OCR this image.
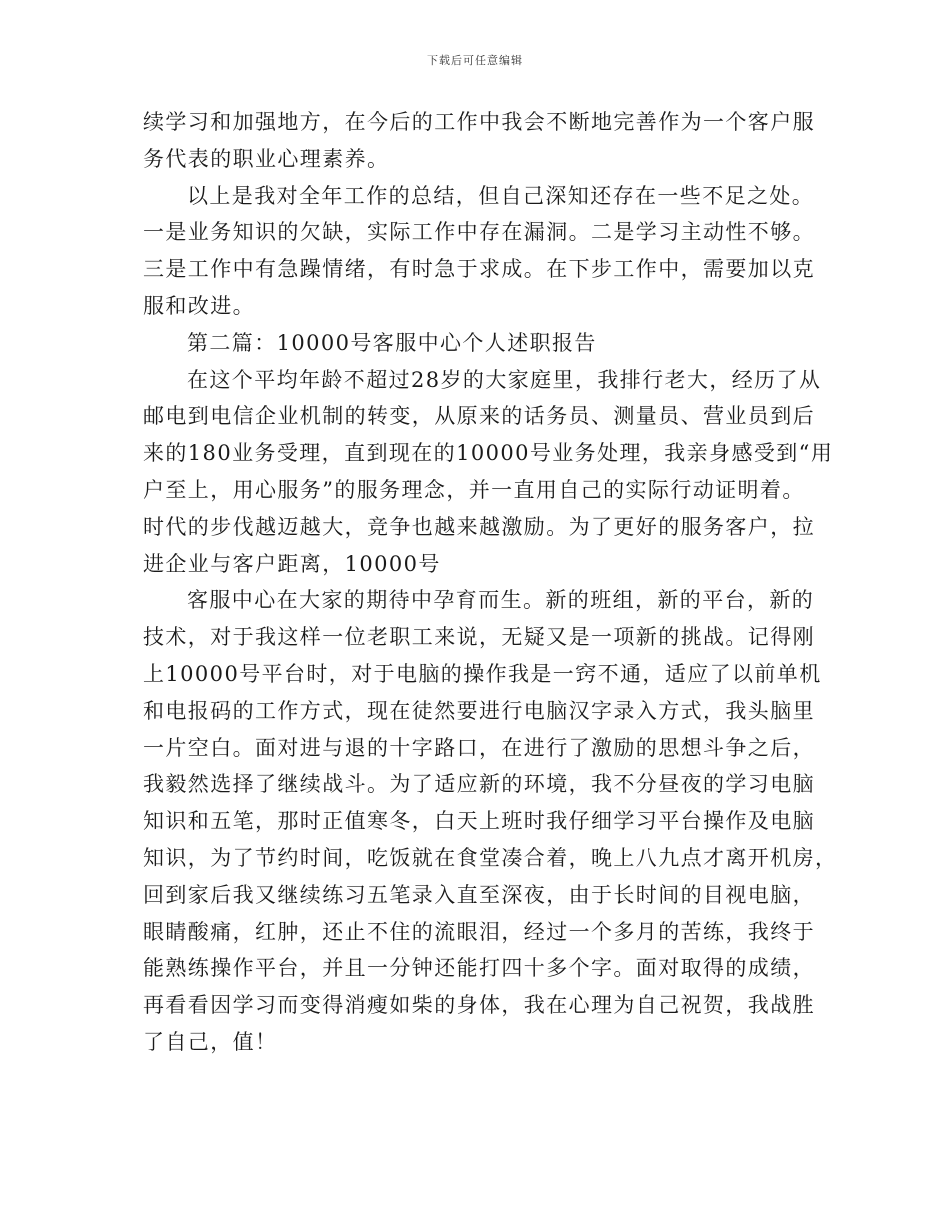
下载后可任意编辑
续学习和加强地方，在今后的工作中我会不断地完善作为一个客户服
务代表的职业心理素养。
以上是我对全年工作的总结，但自己深知还存在一些不足之处。
一是业务知识的欠缺，实际工作中存在漏洞。二是学习主动性不够。
三是工作中有急躁情绪，有时急于求成。在下步工作中，需要加以克
服和改进。
第二篇：10000号客服中心个人述职报告
在这个平均年龄不超过28岁的大家庭里，我排行老大，经历了从
邮电到电信企业机制的转变，从原来的话务员、测量员、营业员到后
来的180业务受理，直到现在的10000号业务处理，我亲身感受到“用
户至上，用心服务”的服务理念，并一直用自己的实际行动证明着。
时代的步伐越迈越大，竞争也越来越激励。为了更好的服务客户，拉
进企业与客户距离，10000号
客服中心在大家的期待中孕育而生。新的班组，新的平台，新的
技术，对于我这样一位老职工来说，无疑又是一项新的挑战。记得刚
上10000号平台时，对于电脑的操作我是一窍不通，适应了以前单机
和电报码的工作方式，现在徒然要进行电脑汉字录入方式，我头脑里
一片空白。面对进与退的十字路口，在进行了激励的思想斗争之后，
我毅然选择了继续战斗。为了适应新的环境，我不分昼夜的学习电脑
知识和五笔，那时正值寒冬，白天上班时我仔细学习平台操作及电脑
知识，为了节约时间，吃饭就在食堂凑合着，晚上八九点才离开机房，
回到家后我又继续练习五笔录入直至深夜，由于长时间的目视电脑，
眼睛酸痛，红肿，还止不住的流眼泪，经过一个多月的苦练，我终于
能熟练操作平台，并且一分钟还能打四十多个字。面对取得的成绩，
再看看因学习而变得消瘦如柴的身体，我在心理为自己祝贺，我战胜
了自己，值！
